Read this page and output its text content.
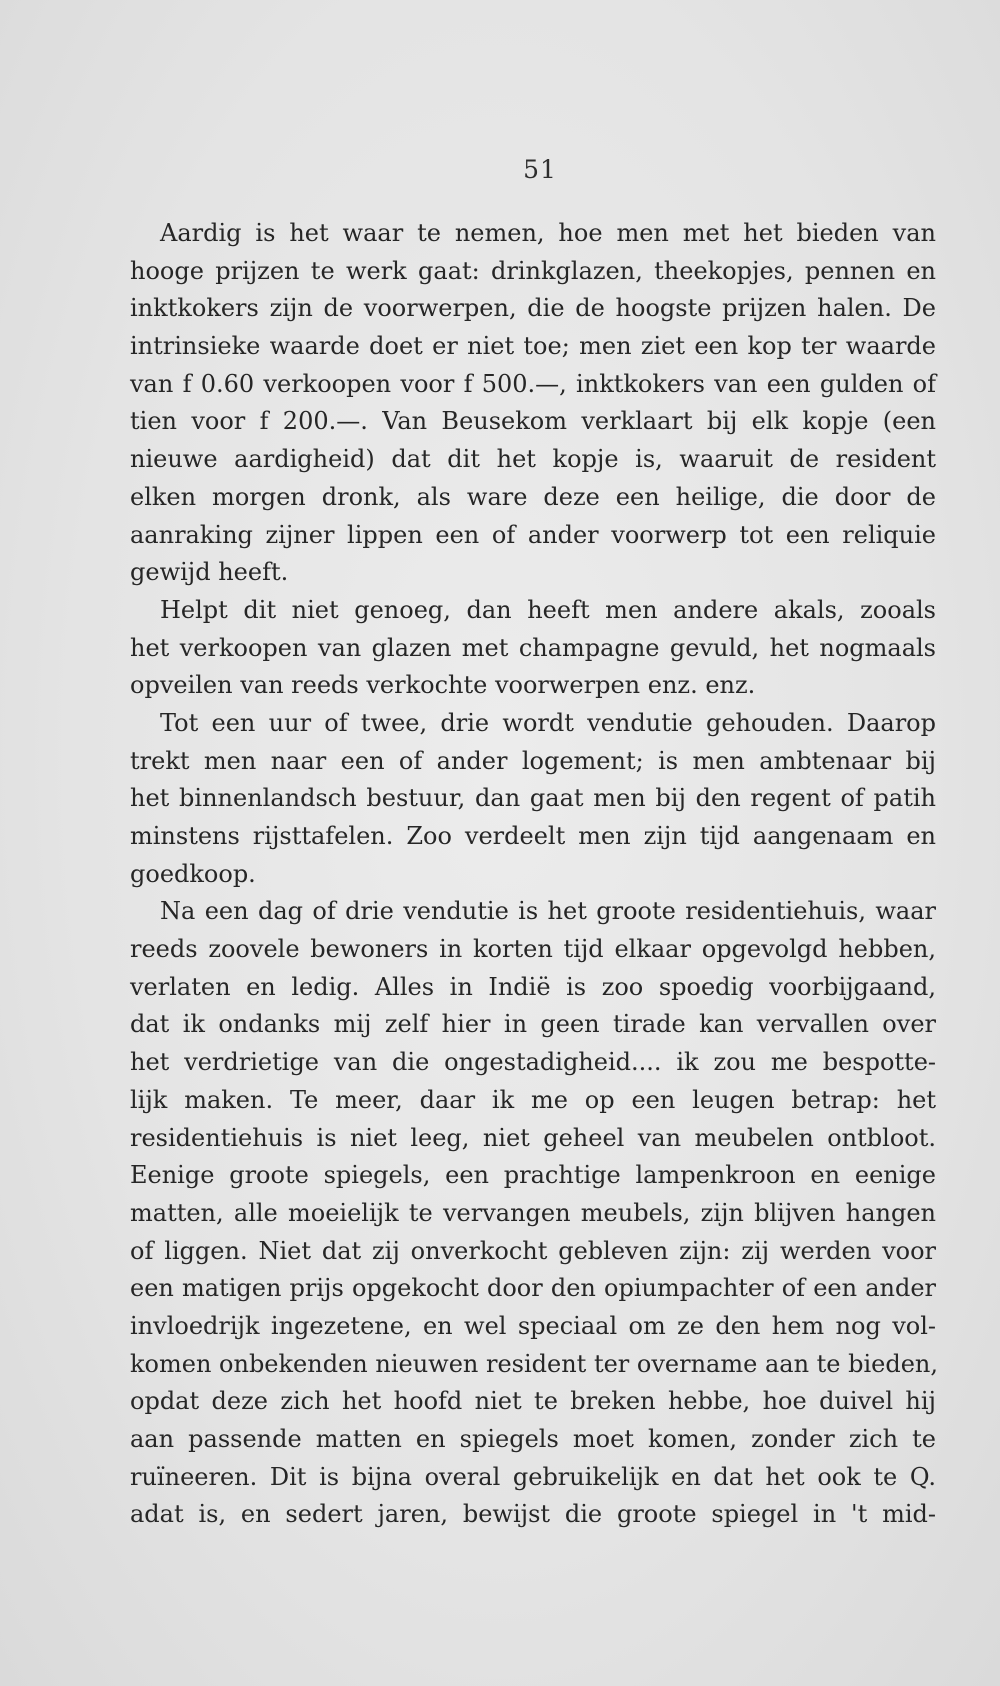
51
Aardig is het waar te nemen, hoe men met het bieden van
hooge prijzen te werk gaat: drinkglazen, theekopjes, pennen en
inktkokers zijn de voorwerpen, die de hoogste prijzen halen. De
intrinsieke waarde doet er niet toe; men ziet een kop ter waarde
van f 0.60 verkoopen voor f 500.—, inktkokers van een gulden of
tien voor f 200.—. Van Beusekom verklaart bij elk kopje (een
nieuwe aardigheid) dat dit het kopje is, waaruit de resident
elken morgen dronk, als ware deze een heilige, die door de
aanraking zijner lippen een of ander voorwerp tot een reliquie
gewijd heeft.
Helpt dit niet genoeg, dan heeft men andere akals, zooals
het verkoopen van glazen met champagne gevuld, het nogmaals
opveilen van reeds verkochte voorwerpen enz. enz.
Tot een uur of twee, drie wordt vendutie gehouden. Daarop
trekt men naar een of ander logement; is men ambtenaar bij
het binnenlandsch bestuur, dan gaat men bij den regent of patih
minstens rijsttafelen. Zoo verdeelt men zijn tijd aangenaam en
goedkoop.
Na een dag of drie vendutie is het groote residentiehuis, waar
reeds zoovele bewoners in korten tijd elkaar opgevolgd hebben,
verlaten en ledig. Alles in Indië is zoo spoedig voorbijgaand,
dat ik ondanks mij zelf hier in geen tirade kan vervallen over
het verdrietige van die ongestadigheid.... ik zou me bespotte-
lijk maken. Te meer, daar ik me op een leugen betrap: het
residentiehuis is niet leeg, niet geheel van meubelen ontbloot.
Eenige groote spiegels, een prachtige lampenkroon en eenige
matten, alle moeielijk te vervangen meubels, zijn blijven hangen
of liggen. Niet dat zij onverkocht gebleven zijn: zij werden voor
een matigen prijs opgekocht door den opiumpachter of een ander
invloedrijk ingezetene, en wel speciaal om ze den hem nog vol-
komen onbekenden nieuwen resident ter overname aan te bieden,
opdat deze zich het hoofd niet te breken hebbe, hoe duivel hij
aan passende matten en spiegels moet komen, zonder zich te
ruïneeren. Dit is bijna overal gebruikelijk en dat het ook te Q.
adat is, en sedert jaren, bewijst die groote spiegel in 't mid-
